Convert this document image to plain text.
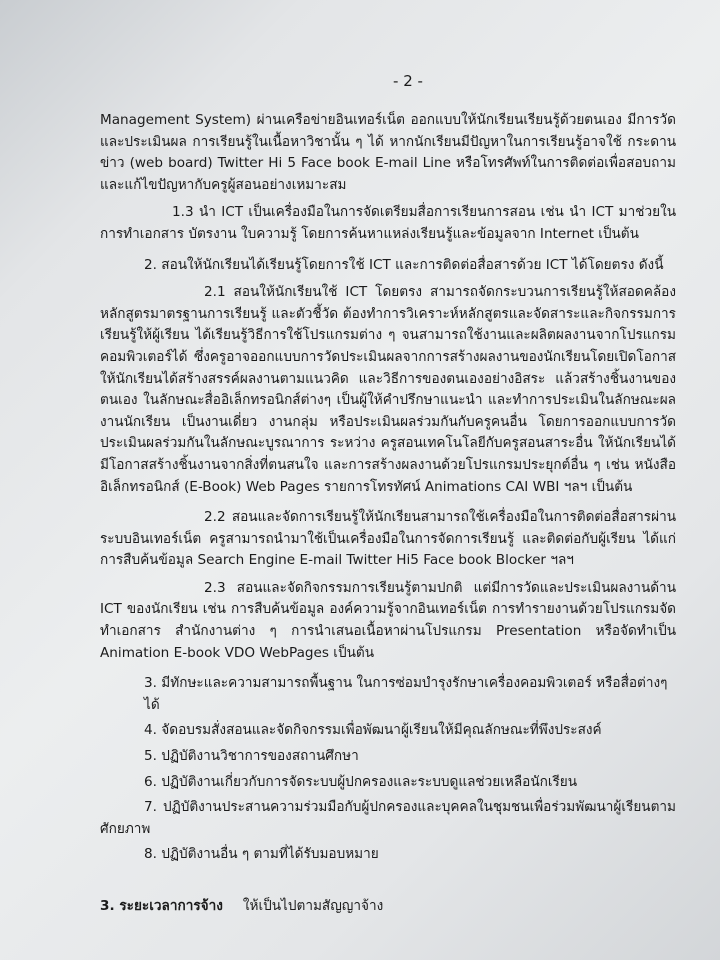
- 2 -

Management System) ผ่านเครือข่ายอินเทอร์เน็ต ออกแบบให้นักเรียนเรียนรู้ด้วยตนเอง มีการวัดและประเมินผล การเรียนรู้ในเนื้อหาวิชานั้น ๆ ได้ หากนักเรียนมีปัญหาในการเรียนรู้อาจใช้ กระดานข่าว (web board) Twitter Hi 5 Face book E-mail Line หรือโทรศัพท์ในการติดต่อเพื่อสอบถามและแก้ไขปัญหากับครูผู้สอนอย่างเหมาะสม

1.3 นำ ICT เป็นเครื่องมือในการจัดเตรียมสื่อการเรียนการสอน เช่น นำ ICT มาช่วยในการทำเอกสาร บัตรงาน ใบความรู้ โดยการค้นหาแหล่งเรียนรู้และข้อมูลจาก Internet เป็นต้น

2. สอนให้นักเรียนได้เรียนรู้โดยการใช้ ICT และการติดต่อสื่อสารด้วย ICT ได้โดยตรง ดังนี้

2.1 สอนให้นักเรียนใช้ ICT โดยตรง สามารถจัดกระบวนการเรียนรู้ให้สอดคล้องหลักสูตรมาตรฐานการเรียนรู้ และตัวชี้วัด ต้องทำการวิเคราะห์หลักสูตรและจัดสาระและกิจกรรมการเรียนรู้ให้ผู้เรียน ได้เรียนรู้วิธีการใช้โปรแกรมต่าง ๆ จนสามารถใช้งานและผลิตผลงานจากโปรแกรมคอมพิวเตอร์ได้ ซึ่งครูอาจออกแบบการวัดประเมินผลจากการสร้างผลงานของนักเรียนโดยเปิดโอกาสให้นักเรียนได้สร้างสรรค์ผลงานตามแนวคิด และวิธีการของตนเองอย่างอิสระ แล้วสร้างชิ้นงานของตนเอง ในลักษณะสื่ออิเล็กทรอนิกส์ต่างๆ เป็นผู้ให้คำปรึกษาแนะนำ และทำการประเมินในลักษณะผลงานนักเรียน เป็นงานเดี่ยว งานกลุ่ม หรือประเมินผลร่วมกันกับครูคนอื่น โดยการออกแบบการวัดประเมินผลร่วมกันในลักษณะบูรณาการ ระหว่าง ครูสอนเทคโนโลยีกับครูสอนสาระอื่น ให้นักเรียนได้มีโอกาสสร้างชิ้นงานจากสิ่งที่ตนสนใจ และการสร้างผลงานด้วยโปรแกรมประยุกต์อื่น ๆ เช่น หนังสืออิเล็กทรอนิกส์ (E-Book) Web Pages รายการโทรทัศน์ Animations CAI WBI ฯลฯ เป็นต้น

2.2 สอนและจัดการเรียนรู้ให้นักเรียนสามารถใช้เครื่องมือในการติดต่อสื่อสารผ่านระบบอินเทอร์เน็ต ครูสามารถนำมาใช้เป็นเครื่องมือในการจัดการเรียนรู้ และติดต่อกับผู้เรียน ได้แก่ การสืบค้นข้อมูล Search Engine E-mail Twitter Hi5 Face book Blocker ฯลฯ

2.3 สอนและจัดกิจกรรมการเรียนรู้ตามปกติ แต่มีการวัดและประเมินผลงานด้าน ICT ของนักเรียน เช่น การสืบค้นข้อมูล องค์ความรู้จากอินเทอร์เน็ต การทำรายงานด้วยโปรแกรมจัดทำเอกสาร สำนักงานต่าง ๆ การนำเสนอเนื้อหาผ่านโปรแกรม Presentation หรือจัดทำเป็น Animation E-book VDO WebPages เป็นต้น

3. มีทักษะและความสามารถพื้นฐาน ในการซ่อมบำรุงรักษาเครื่องคอมพิวเตอร์ หรือสื่อต่างๆ ได้

4. จัดอบรมสั่งสอนและจัดกิจกรรมเพื่อพัฒนาผู้เรียนให้มีคุณลักษณะที่พึงประสงค์

5. ปฏิบัติงานวิชาการของสถานศึกษา

6. ปฏิบัติงานเกี่ยวกับการจัดระบบผู้ปกครองและระบบดูแลช่วยเหลือนักเรียน

7. ปฏิบัติงานประสานความร่วมมือกับผู้ปกครองและบุคคลในชุมชนเพื่อร่วมพัฒนาผู้เรียนตามศักยภาพ

8. ปฏิบัติงานอื่น ๆ ตามที่ได้รับมอบหมาย

3. ระยะเวลาการจ้าง ให้เป็นไปตามสัญญาจ้าง
